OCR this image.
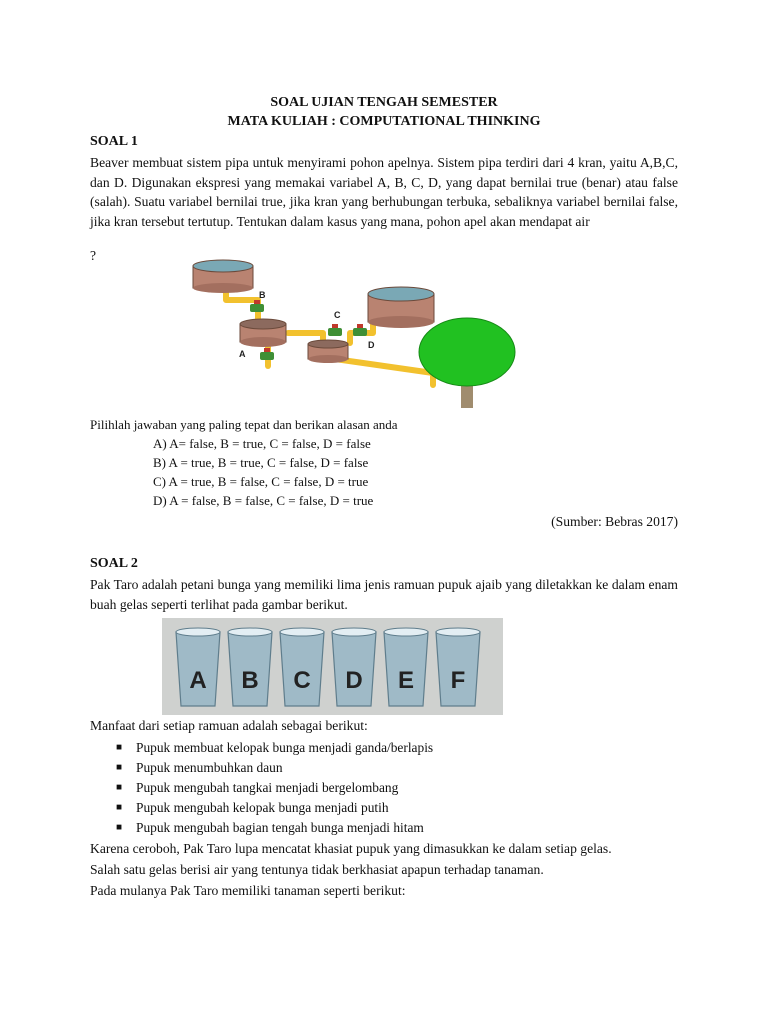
SOAL UJIAN TENGAH SEMESTER
MATA KULIAH : COMPUTATIONAL THINKING
SOAL 1
Beaver membuat sistem pipa untuk menyirami pohon apelnya. Sistem pipa terdiri dari 4 kran, yaitu A,B,C, dan D. Digunakan ekspresi yang memakai variabel A, B, C, D, yang dapat bernilai true (benar) atau false (salah). Suatu variabel bernilai true, jika kran yang berhubungan terbuka, sebaliknya variabel bernilai false, jika kran tersebut tertutup. Tentukan dalam kasus yang mana, pohon apel akan mendapat air
?
B
A
C
D
Pilihlah jawaban yang paling tepat dan berikan alasan anda
A) A= false, B = true, C = false, D = false
B) A = true, B = true, C = false, D = false
C) A = true, B = false, C = false, D = true
D) A = false, B = false, C = false, D = true
(Sumber: Bebras 2017)
SOAL 2
Pak Taro adalah petani bunga yang memiliki lima jenis ramuan pupuk ajaib yang diletakkan ke dalam enam buah gelas seperti terlihat pada gambar berikut.
A B C D E F
Manfaat dari setiap ramuan adalah sebagai berikut:
■ Pupuk membuat kelopak bunga menjadi ganda/berlapis
■ Pupuk menumbuhkan daun
■ Pupuk mengubah tangkai menjadi bergelombang
■ Pupuk mengubah kelopak bunga menjadi putih
■ Pupuk mengubah bagian tengah bunga menjadi hitam
Karena ceroboh, Pak Taro lupa mencatat khasiat pupuk yang dimasukkan ke dalam setiap gelas.
Salah satu gelas berisi air yang tentunya tidak berkhasiat apapun terhadap tanaman.
Pada mulanya Pak Taro memiliki tanaman seperti berikut:
